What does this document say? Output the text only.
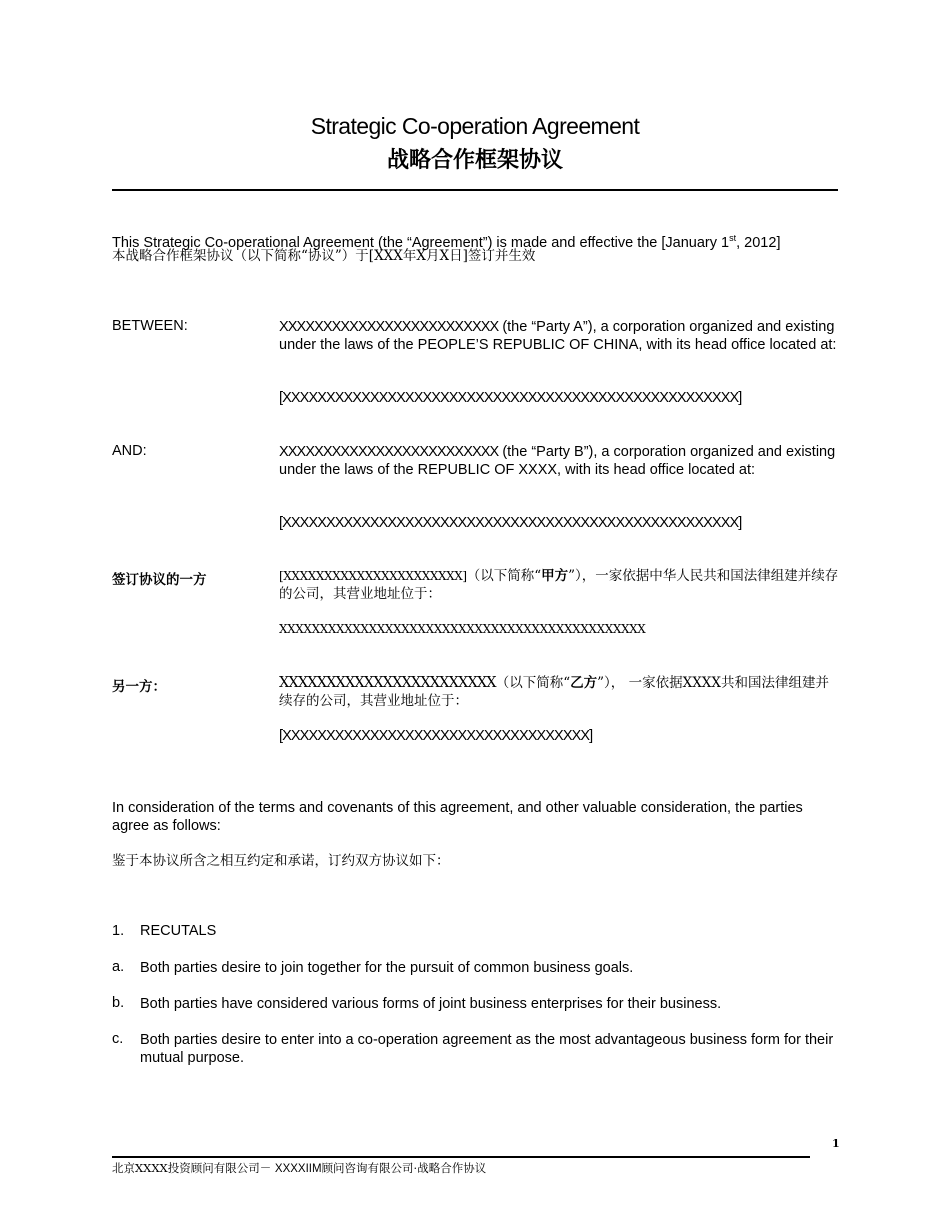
Strategic Co-operation Agreement
战略合作框架协议
This Strategic Co-operational Agreement (the “Agreement”) is made and effective the [January 1st, 2012]
本战略合作框架协议（以下简称“协议”）于[XXX年X月X日]签订并生效
BETWEEN:	XXXXXXXXXXXXXXXXXXXXXXXXX (the “Party A”), a corporation organized and existing under the laws of the PEOPLE’S REPUBLIC OF CHINA, with its head office located at:
[XXXXXXXXXXXXXXXXXXXXXXXXXXXXXXXXXXXXXXXXXXXXXXXXXXXX]
AND:	XXXXXXXXXXXXXXXXXXXXXXXXX (the “Party B”), a corporation organized and existing under the laws of the REPUBLIC OF XXXX, with its head office located at:
[XXXXXXXXXXXXXXXXXXXXXXXXXXXXXXXXXXXXXXXXXXXXXXXXXXXX]
签订协议的一方	[XXXXXXXXXXXXXXXXXXXXXX]（以下简称“甲方”），一家依据中华人民共和国法律组建并续存的公司，其营业地址位于：
XXXXXXXXXXXXXXXXXXXXXXXXXXXXXXXXXXXXXXXXXXXXX
另一方：	XXXXXXXXXXXXXXXXXXXXXXX（以下简称“乙方”）， 一家依据XXXX共和国法律组建并续存的公司，其营业地址位于：
[XXXXXXXXXXXXXXXXXXXXXXXXXXXXXXXXXXX]
In consideration of the terms and covenants of this agreement, and other valuable consideration, the parties agree as follows:
鉴于本协议所含之相互约定和承诺，订约双方协议如下：
1. RECUTALS
a. Both parties desire to join together for the pursuit of common business goals.
b. Both parties have considered various forms of joint business enterprises for their business.
c. Both parties desire to enter into a co-operation agreement as the most advantageous business form for their mutual purpose.
1
北京XXXX投资顾问有限公司－ XXXXIIM顾问咨询有限公司·战略合作协议
